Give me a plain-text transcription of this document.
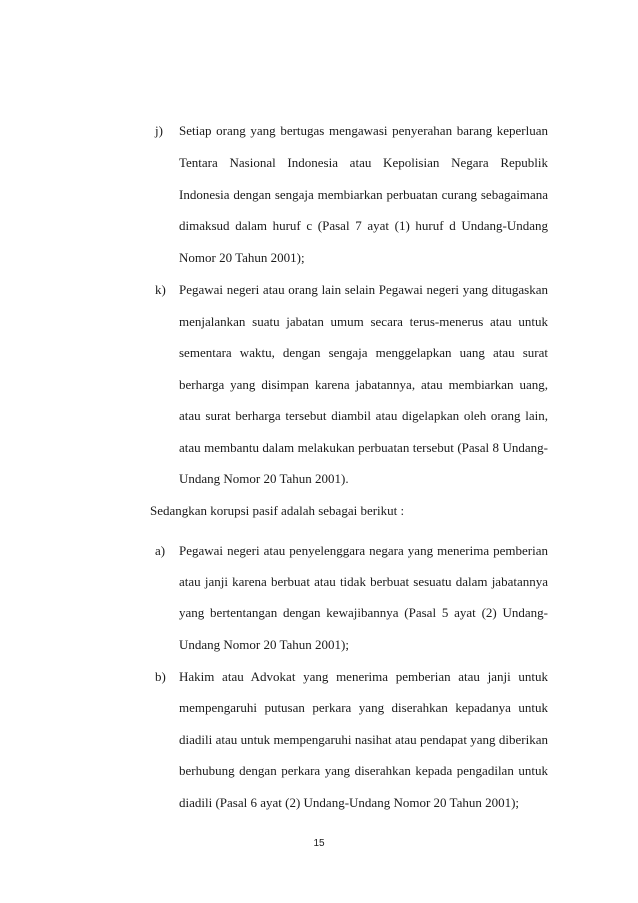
j) Setiap orang yang bertugas mengawasi penyerahan barang keperluan
Tentara Nasional Indonesia atau Kepolisian Negara Republik
Indonesia dengan sengaja membiarkan perbuatan curang sebagaimana
dimaksud dalam huruf c (Pasal 7 ayat (1) huruf d Undang-Undang
Nomor 20 Tahun 2001);
k) Pegawai negeri atau orang lain selain Pegawai negeri yang ditugaskan
menjalankan suatu jabatan umum secara terus-menerus atau untuk
sementara waktu, dengan sengaja menggelapkan uang atau surat
berharga yang disimpan karena jabatannya, atau membiarkan uang,
atau surat berharga tersebut diambil atau digelapkan oleh orang lain,
atau membantu dalam melakukan perbuatan tersebut (Pasal 8 Undang-
Undang Nomor 20 Tahun 2001).
Sedangkan korupsi pasif adalah sebagai berikut :
a) Pegawai negeri atau penyelenggara negara yang menerima pemberian
atau janji karena berbuat atau tidak berbuat sesuatu dalam jabatannya
yang bertentangan dengan kewajibannya (Pasal 5 ayat (2) Undang-
Undang Nomor 20 Tahun 2001);
b) Hakim atau Advokat yang menerima pemberian atau janji untuk
mempengaruhi putusan perkara yang diserahkan kepadanya untuk
diadili atau untuk mempengaruhi nasihat atau pendapat yang diberikan
berhubung dengan perkara yang diserahkan kepada pengadilan untuk
diadili (Pasal 6 ayat (2) Undang-Undang Nomor 20 Tahun 2001);
15
